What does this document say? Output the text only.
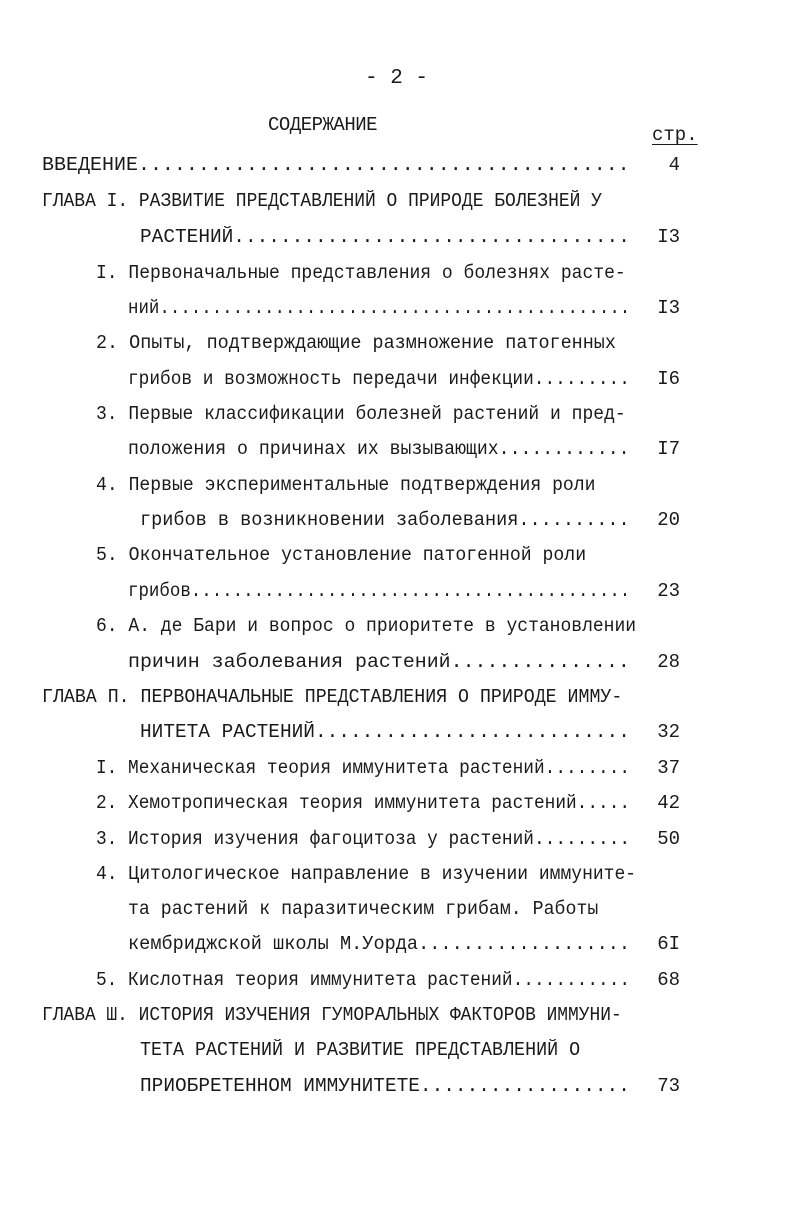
- 2 -
СОДЕРЖАНИЕ	стр.
ВВЕДЕНИЕ.........................................	4
ГЛАВА I. РАЗВИТИЕ ПРЕДСТАВЛЕНИЙ О ПРИРОДЕ БОЛЕЗНЕЙ У
РАСТЕНИЙ..................................	I3
I. Первоначальные представления о болезнях расте-
ний.............................................	I3
2. Опыты, подтверждающие размножение патогенных
грибов и возможность передачи инфекции.........	I6
3. Первые классификации болезней растений и пред-
положения о причинах их вызывающих............	I7
4. Первые экспериментальные подтверждения роли
грибов в возникновении заболевания..........	20
5. Окончательное установление патогенной роли
грибов..........................................	23
6. А. де Бари и вопрос о приоритете в установлении
причин заболевания растений...............	28
ГЛАВА П. ПЕРВОНАЧАЛЬНЫЕ ПРЕДСТАВЛЕНИЯ О ПРИРОДЕ ИММУ-
НИТЕТА РАСТЕНИЙ...........................	32
I. Механическая теория иммунитета растений........	37
2. Хемотропическая теория иммунитета растений.....	42
3. История изучения фагоцитоза у растений.........	50
4. Цитологическое направление в изучении иммуните-
та растений к паразитическим грибам. Работы
кембриджской школы М.Уорда...................	6I
5. Кислотная теория иммунитета растений...........	68
ГЛАВА Ш. ИСТОРИЯ ИЗУЧЕНИЯ ГУМОРАЛЬНЫХ ФАКТОРОВ ИММУНИ-
ТЕТА РАСТЕНИЙ И РАЗВИТИЕ ПРЕДСТАВЛЕНИЙ О
ПРИОБРЕТЕННОМ ИММУНИТЕТЕ..................	73
